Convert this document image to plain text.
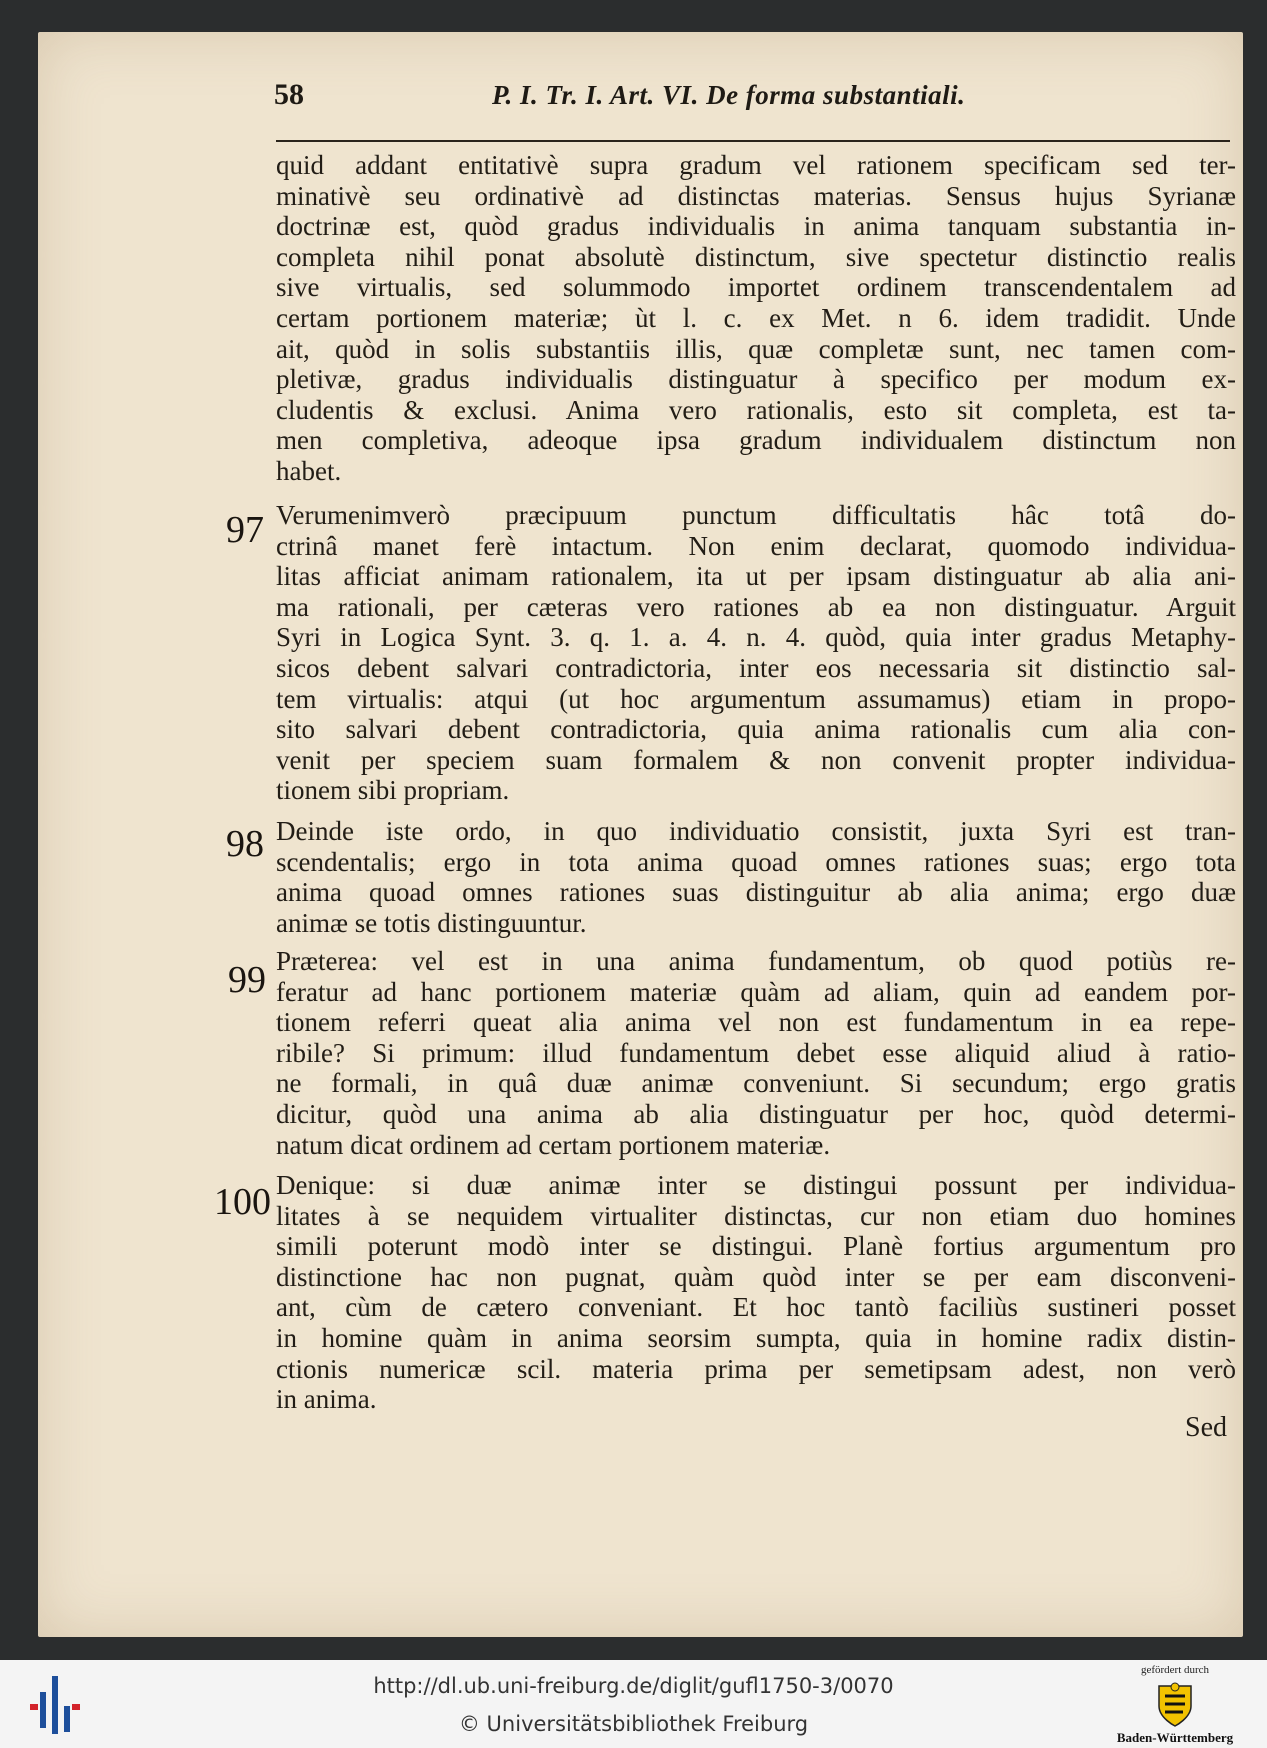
58	P. I. Tr. I. Art. VI. De forma substantiali.
quid addant entitativè supra gradum vel rationem specificam sed ter-
minativè seu ordinativè ad distinctas materias. Sensus hujus Syrianæ
doctrinæ est, quòd gradus individualis in anima tanquam substantia in-
completa nihil ponat absolutè distinctum, sive spectetur distinctio realis
sive virtualis, sed solummodo importet ordinem transcendentalem ad
certam portionem materiæ; ùt l. c. ex Met. n 6. idem tradidit. Unde
ait, quòd in solis substantiis illis, quæ completæ sunt, nec tamen com-
pletivæ, gradus individualis distinguatur à specifico per modum ex-
cludentis & exclusi. Anima vero rationalis, esto sit completa, est ta-
men completiva, adeoque ipsa gradum individualem distinctum non
habet.
97 Verumenimverò præcipuum punctum difficultatis hâc totâ do-
ctrinâ manet ferè intactum. Non enim declarat, quomodo individua-
litas afficiat animam rationalem, ita ut per ipsam distinguatur ab alia ani-
ma rationali, per cæteras vero rationes ab ea non distinguatur. Arguit
Syri in Logica Synt. 3. q. 1. a. 4. n. 4. quòd, quia inter gradus Metaphy-
sicos debent salvari contradictoria, inter eos necessaria sit distinctio sal-
tem virtualis: atqui (ut hoc argumentum assumamus) etiam in propo-
sito salvari debent contradictoria, quia anima rationalis cum alia con-
venit per speciem suam formalem & non convenit propter individua-
tionem sibi propriam.
98 Deinde iste ordo, in quo individuatio consistit, juxta Syri est tran-
scendentalis; ergo in tota anima quoad omnes rationes suas; ergo tota
anima quoad omnes rationes suas distinguitur ab alia anima; ergo duæ
animæ se totis distinguuntur.
99 Præterea: vel est in una anima fundamentum, ob quod potiùs re-
feratur ad hanc portionem materiæ quàm ad aliam, quin ad eandem por-
tionem referri queat alia anima vel non est fundamentum in ea repe-
ribile? Si primum: illud fundamentum debet esse aliquid aliud à ratio-
ne formali, in quâ duæ animæ conveniunt. Si secundum; ergo gratis
dicitur, quòd una anima ab alia distinguatur per hoc, quòd determi-
natum dicat ordinem ad certam portionem materiæ.
100 Denique: si duæ animæ inter se distingui possunt per individua-
litates à se nequidem virtualiter distinctas, cur non etiam duo homines
simili poterunt modò inter se distingui. Planè fortius argumentum pro
distinctione hac non pugnat, quàm quòd inter se per eam disconveni-
ant, cùm de cætero conveniant. Et hoc tantò faciliùs sustineri posset
in homine quàm in anima seorsim sumpta, quia in homine radix distin-
ctionis numericæ scil. materia prima per semetipsam adest, non verò
in anima.
Sed
http://dl.ub.uni-freiburg.de/diglit/gufl1750-3/0070
© Universitätsbibliothek Freiburg
gefördert durch
Baden-Württemberg
